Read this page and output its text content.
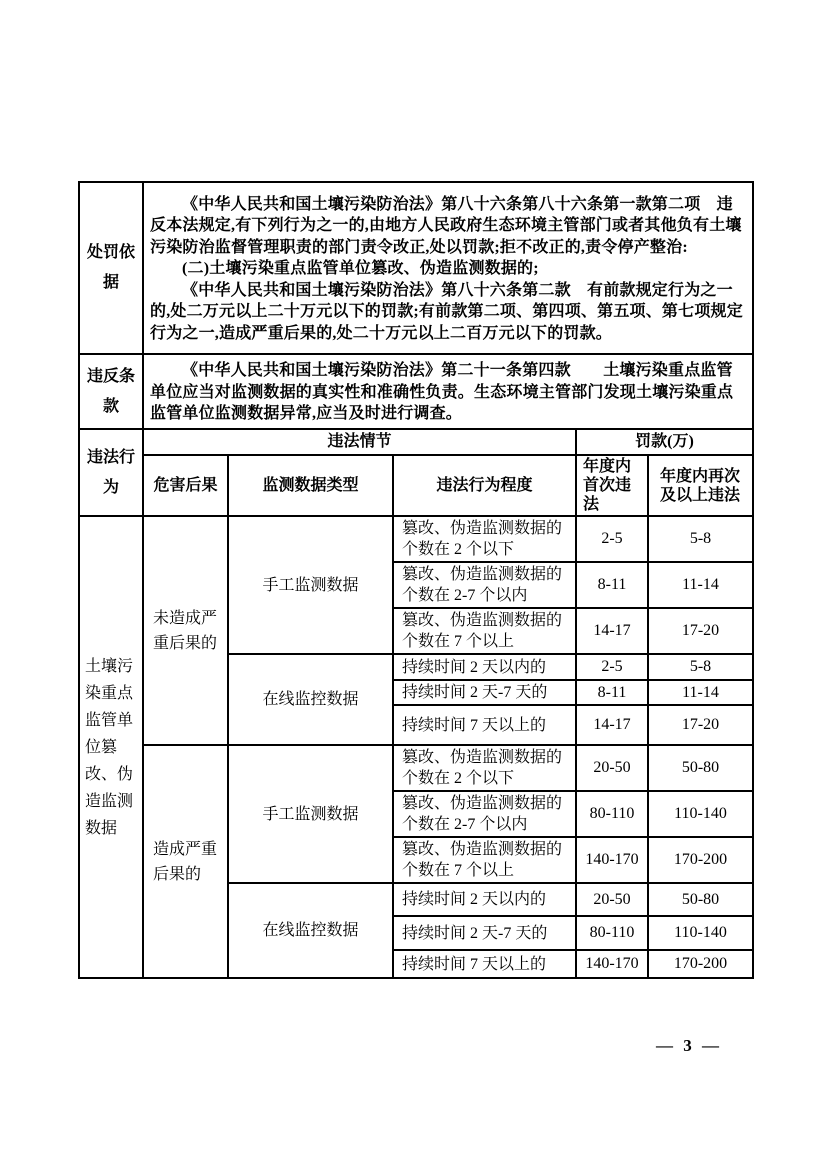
处罚依据	《中华人民共和国土壤污染防治法》第八十六条第八十六条第一款第二项　违反本法规定,有下列行为之一的,由地方人民政府生态环境主管部门或者其他负有土壤污染防治监督管理职责的部门责令改正,处以罚款;拒不改正的,责令停产整治:

(二)土壤污染重点监管单位篡改、伪造监测数据的;

《中华人民共和国土壤污染防治法》第八十六条第二款　有前款规定行为之一的,处二万元以上二十万元以下的罚款;有前款第二项、第四项、第五项、第七项规定行为之一,造成严重后果的,处二十万元以上二百万元以下的罚款。				

违反条款	《中华人民共和国土壤污染防治法》第二十一条第四款　　土壤污染重点监管单位应当对监测数据的真实性和准确性负责。生态环境主管部门发现土壤污染重点监管单位监测数据异常,应当及时进行调查。				

违法行为	违法情节			罚款(万)	
	危害后果	监测数据类型	违法行为程度	年度内首次违法	年度内再次及以上违法
土壤污染重点监管单位篡改、伪造监测数据	未造成严重后果的	手工监测数据	篡改、伪造监测数据的个数在 2 个以下	2-5	5-8
			篡改、伪造监测数据的个数在 2-7 个以内	8-11	11-14
			篡改、伪造监测数据的个数在 7 个以上	14-17	17-20
		在线监控数据	持续时间 2 天以内的	2-5	5-8
			持续时间 2 天-7 天的	8-11	11-14
			持续时间 7 天以上的	14-17	17-20
	造成严重后果的	手工监测数据	篡改、伪造监测数据的个数在 2 个以下	20-50	50-80
			篡改、伪造监测数据的个数在 2-7 个以内	80-110	110-140
			篡改、伪造监测数据的个数在 7 个以上	140-170	170-200
		在线监控数据	持续时间 2 天以内的	20-50	50-80
			持续时间 2 天-7 天的	80-110	110-140
			持续时间 7 天以上的	140-170	170-200
— 3 —
